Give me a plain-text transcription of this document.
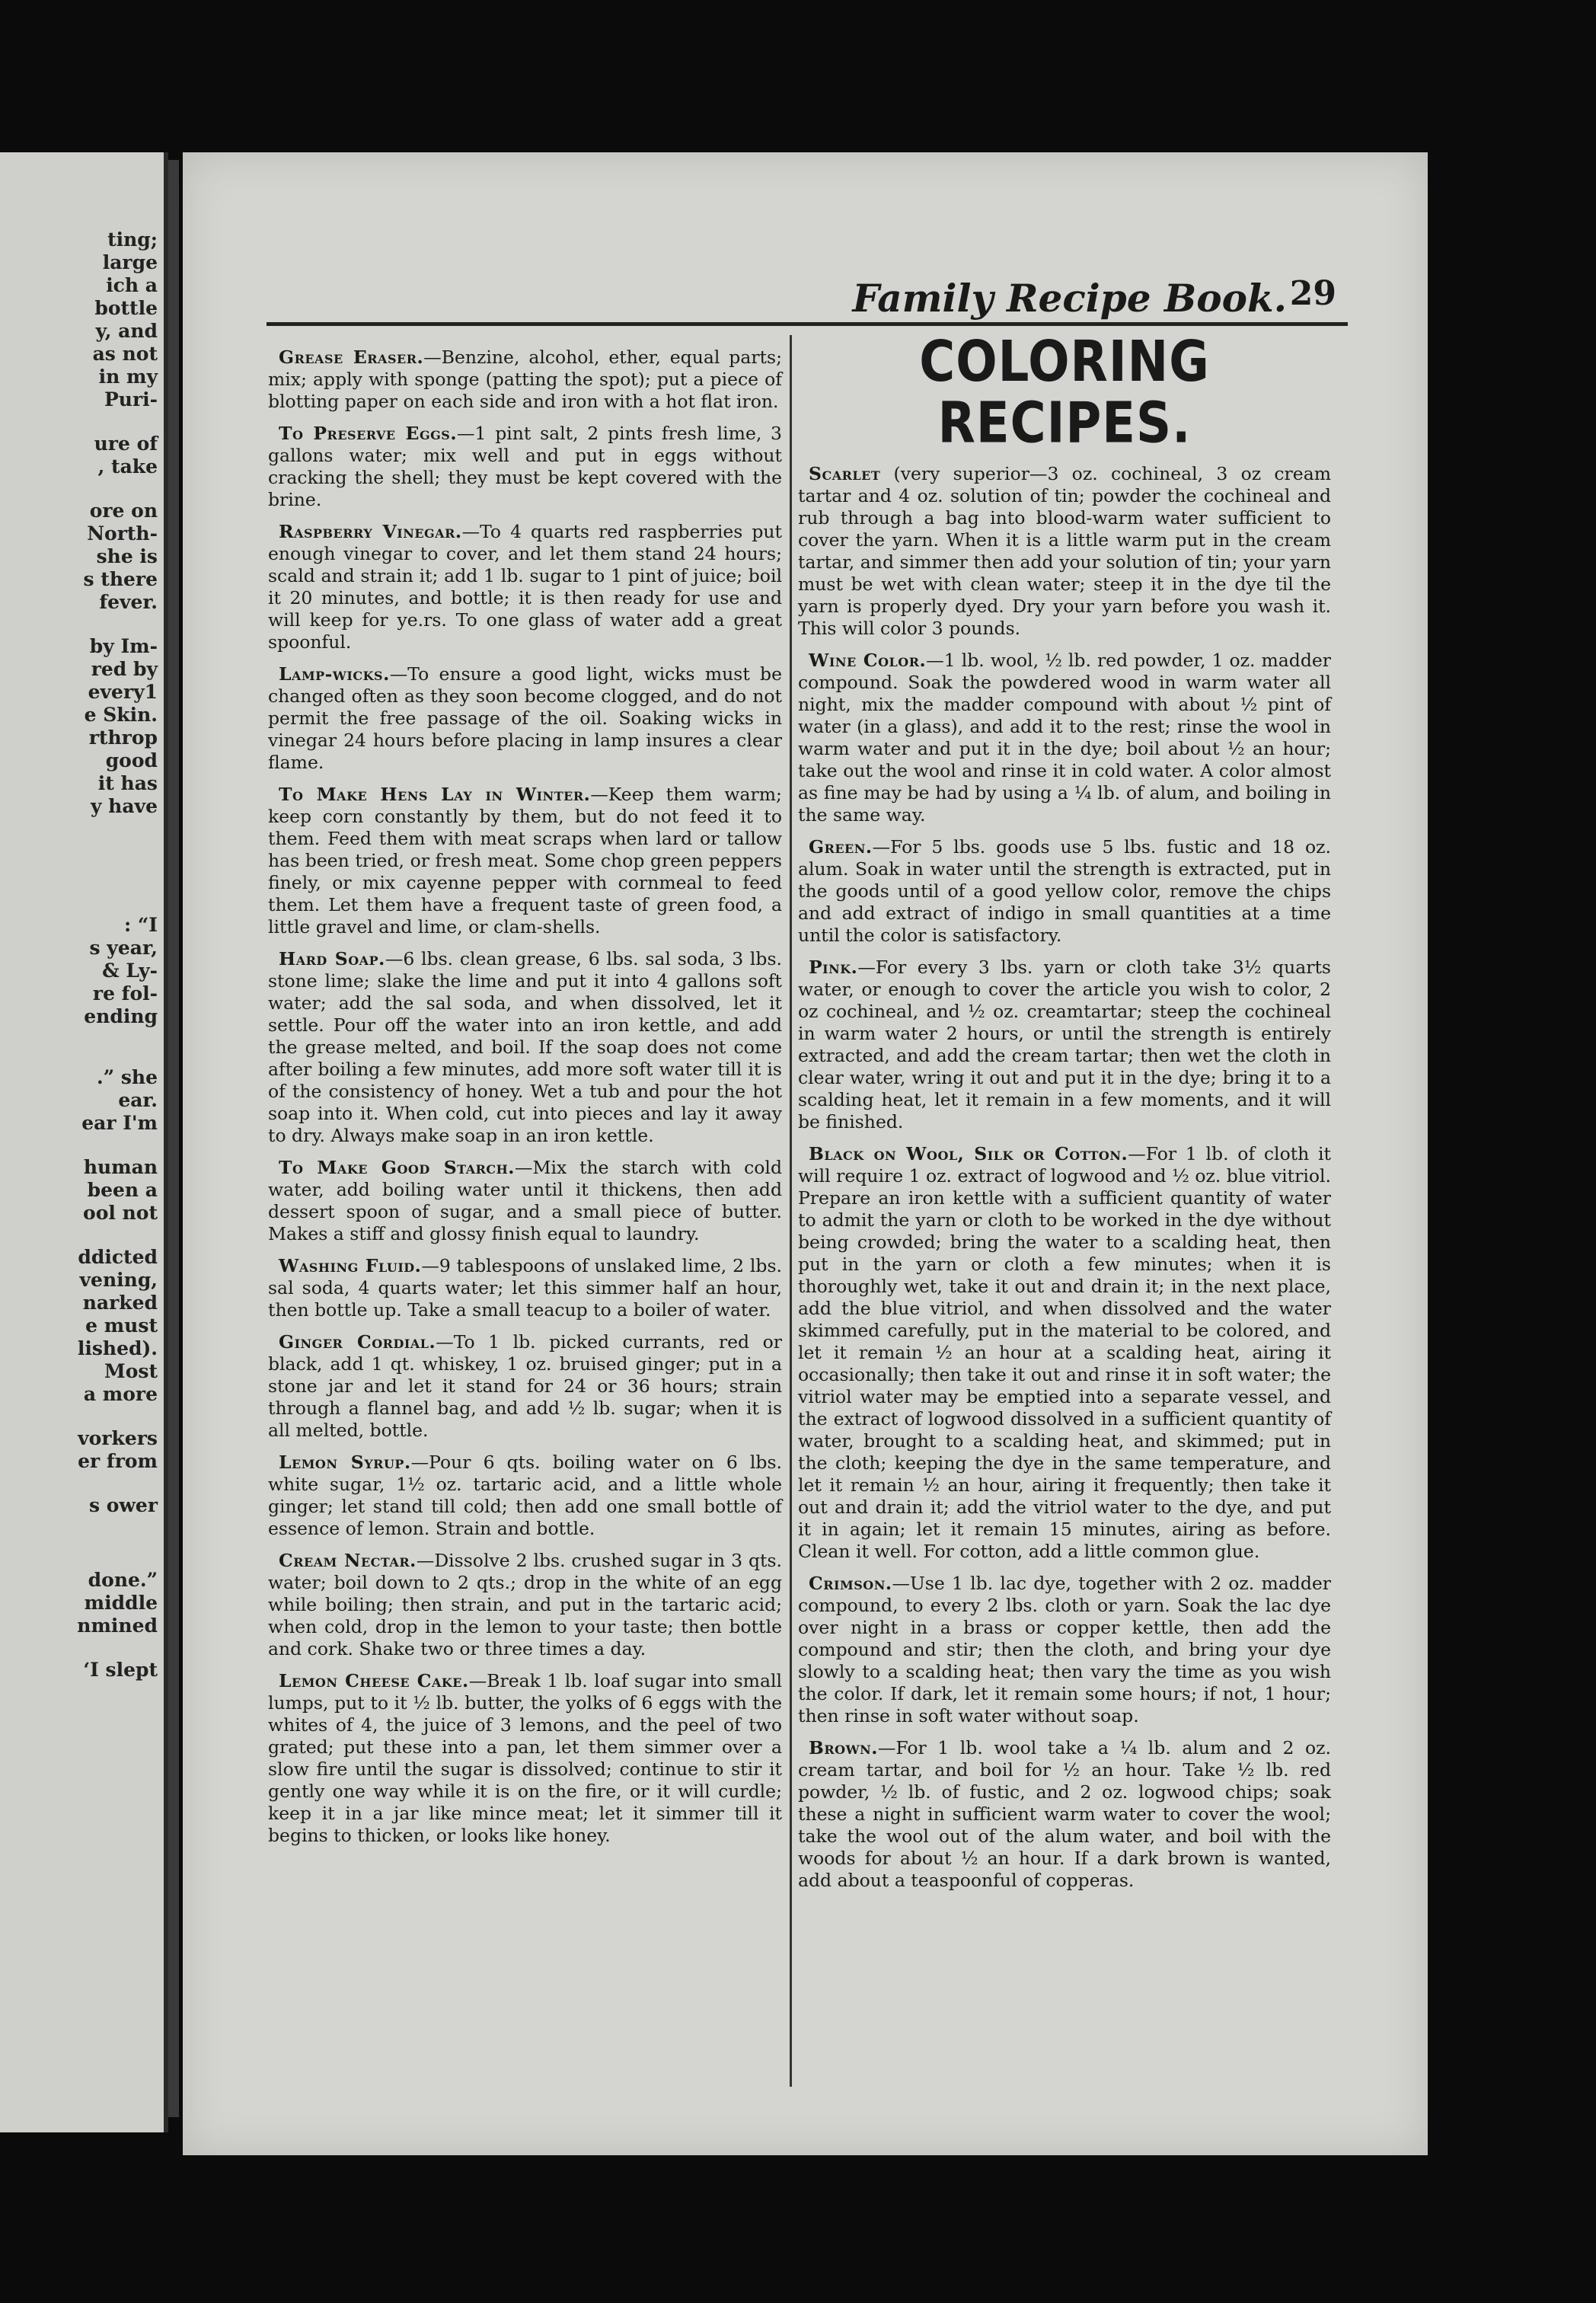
ting;
large
ich a
bottle
y, and
as not
in my
Puri-
ure of
, take
ore on
North-
she is
s there
fever.
by Im-
red by
every1
e Skin.
rthrop
good
it has
y have
: “I
s year,
& Ly-
re fol-
ending
.” she
ear.
ear I'm
human
been a
ool not
ddicted
vening,
narked
e must
lished).
Most
a more
vorkers
er from
s ower
done.”
middle
nmined
‘I slept
Family Recipe Book. 29

Grease Eraser.—Benzine, alcohol, ether, equal parts; mix; apply with sponge (patting the spot); put a piece of blotting paper on each side and iron with a hot flat iron.

To Preserve Eggs.—1 pint salt, 2 pints fresh lime, 3 gallons water; mix well and put in eggs without cracking the shell; they must be kept covered with the brine.

Raspberry Vinegar.—To 4 quarts red raspberries put enough vinegar to cover, and let them stand 24 hours; scald and strain it; add 1 lb. sugar to 1 pint of juice; boil it 20 minutes, and bottle; it is then ready for use and will keep for ye.rs. To one glass of water add a great spoonful.

Lamp-wicks.—To ensure a good light, wicks must be changed often as they soon become clogged, and do not permit the free passage of the oil. Soaking wicks in vinegar 24 hours before placing in lamp insures a clear flame.

To Make Hens Lay in Winter.—Keep them warm; keep corn constantly by them, but do not feed it to them. Feed them with meat scraps when lard or tallow has been tried, or fresh meat. Some chop green peppers finely, or mix cayenne pepper with cornmeal to feed them. Let them have a frequent taste of green food, a little gravel and lime, or clam-shells.

Hard Soap.—6 lbs. clean grease, 6 lbs. sal soda, 3 lbs. stone lime; slake the lime and put it into 4 gallons soft water; add the sal soda, and when dissolved, let it settle. Pour off the water into an iron kettle, and add the grease melted, and boil. If the soap does not come after boiling a few minutes, add more soft water till it is of the consistency of honey. Wet a tub and pour the hot soap into it. When cold, cut into pieces and lay it away to dry. Always make soap in an iron kettle.

To Make Good Starch.—Mix the starch with cold water, add boiling water until it thickens, then add dessert spoon of sugar, and a small piece of butter. Makes a stiff and glossy finish equal to laundry.

Washing Fluid.—9 tablespoons of unslaked lime, 2 lbs. sal soda, 4 quarts water; let this simmer half an hour, then bottle up. Take a small teacup to a boiler of water.

Ginger Cordial.—To 1 lb. picked currants, red or black, add 1 qt. whiskey, 1 oz. bruised ginger; put in a stone jar and let it stand for 24 or 36 hours; strain through a flannel bag, and add ½ lb. sugar; when it is all melted, bottle.

Lemon Syrup.—Pour 6 qts. boiling water on 6 lbs. white sugar, 1½ oz. tartaric acid, and a little whole ginger; let stand till cold; then add one small bottle of essence of lemon. Strain and bottle.

Cream Nectar.—Dissolve 2 lbs. crushed sugar in 3 qts. water; boil down to 2 qts.; drop in the white of an egg while boiling; then strain, and put in the tartaric acid; when cold, drop in the lemon to your taste; then bottle and cork. Shake two or three times a day.

Lemon Cheese Cake.—Break 1 lb. loaf sugar into small lumps, put to it ½ lb. butter, the yolks of 6 eggs with the whites of 4, the juice of 3 lemons, and the peel of two grated; put these into a pan, let them simmer over a slow fire until the sugar is dissolved; continue to stir it gently one way while it is on the fire, or it will curdle; keep it in a jar like mince meat; let it simmer till it begins to thicken, or looks like honey.

COLORING RECIPES.

Scarlet (very superior—3 oz. cochineal, 3 oz cream tartar and 4 oz. solution of tin; powder the cochineal and rub through a bag into blood-warm water sufficient to cover the yarn. When it is a little warm put in the cream tartar, and simmer then add your solution of tin; your yarn must be wet with clean water; steep it in the dye til the yarn is properly dyed. Dry your yarn before you wash it. This will color 3 pounds.

Wine Color.—1 lb. wool, ½ lb. red powder, 1 oz. madder compound. Soak the powdered wood in warm water all night, mix the madder compound with about ½ pint of water (in a glass), and add it to the rest; rinse the wool in warm water and put it in the dye; boil about ½ an hour; take out the wool and rinse it in cold water. A color almost as fine may be had by using a ¼ lb. of alum, and boiling in the same way.

Green.—For 5 lbs. goods use 5 lbs. fustic and 18 oz. alum. Soak in water until the strength is extracted, put in the goods until of a good yellow color, remove the chips and add extract of indigo in small quantities at a time until the color is satisfactory.

Pink.—For every 3 lbs. yarn or cloth take 3½ quarts water, or enough to cover the article you wish to color, 2 oz cochineal, and ½ oz. creamtartar; steep the cochineal in warm water 2 hours, or until the strength is entirely extracted, and add the cream tartar; then wet the cloth in clear water, wring it out and put it in the dye; bring it to a scalding heat, let it remain in a few moments, and it will be finished.

Black on Wool, Silk or Cotton.—For 1 lb. of cloth it will require 1 oz. extract of logwood and ½ oz. blue vitriol. Prepare an iron kettle with a sufficient quantity of water to admit the yarn or cloth to be worked in the dye without being crowded; bring the water to a scalding heat, then put in the yarn or cloth a few minutes; when it is thoroughly wet, take it out and drain it; in the next place, add the blue vitriol, and when dissolved and the water skimmed carefully, put in the material to be colored, and let it remain ½ an hour at a scalding heat, airing it occasionally; then take it out and rinse it in soft water; the vitriol water may be emptied into a separate vessel, and the extract of logwood dissolved in a sufficient quantity of water, brought to a scalding heat, and skimmed; put in the cloth; keeping the dye in the same temperature, and let it remain ½ an hour, airing it frequently; then take it out and drain it; add the vitriol water to the dye, and put it in again; let it remain 15 minutes, airing as before. Clean it well. For cotton, add a little common glue.

Crimson.—Use 1 lb. lac dye, together with 2 oz. madder compound, to every 2 lbs. cloth or yarn. Soak the lac dye over night in a brass or copper kettle, then add the compound and stir; then the cloth, and bring your dye slowly to a scalding heat; then vary the time as you wish the color. If dark, let it remain some hours; if not, 1 hour; then rinse in soft water without soap.

Brown.—For 1 lb. wool take a ¼ lb. alum and 2 oz. cream tartar, and boil for ½ an hour. Take ½ lb. red powder, ½ lb. of fustic, and 2 oz. logwood chips; soak these a night in sufficient warm water to cover the wool; take the wool out of the alum water, and boil with the woods for about ½ an hour. If a dark brown is wanted, add about a teaspoonful of copperas.
